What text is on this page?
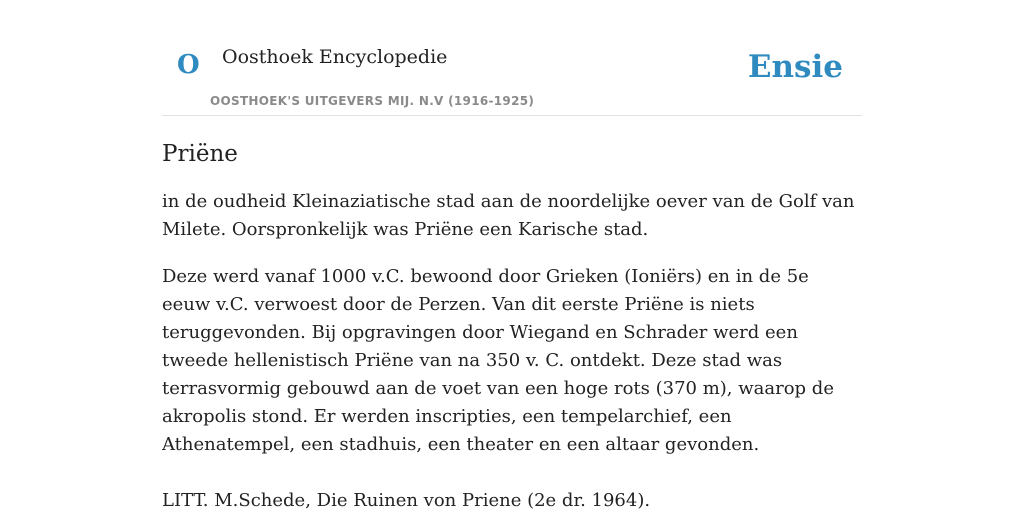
O Oosthoek Encyclopedie
OOSTHOEK'S UITGEVERS MIJ. N.V (1916-1925)
Ensie
Priëne

in de oudheid Kleinaziatische stad aan de noordelijke oever van de Golf van Milete. Oorspronkelijk was Priëne een Karische stad.

Deze werd vanaf 1000 v.C. bewoond door Grieken (Ioniërs) en in de 5e eeuw v.C. verwoest door de Perzen. Van dit eerste Priëne is niets teruggevonden. Bij opgravingen door Wiegand en Schrader werd een tweede hellenistisch Priëne van na 350 v. C. ontdekt. Deze stad was terrasvormig gebouwd aan de voet van een hoge rots (370 m), waarop de akropolis stond. Er werden inscripties, een tempelarchief, een Athenatempel, een stadhuis, een theater en een altaar gevonden.

LITT. M.Schede, Die Ruinen von Priene (2e dr. 1964).
